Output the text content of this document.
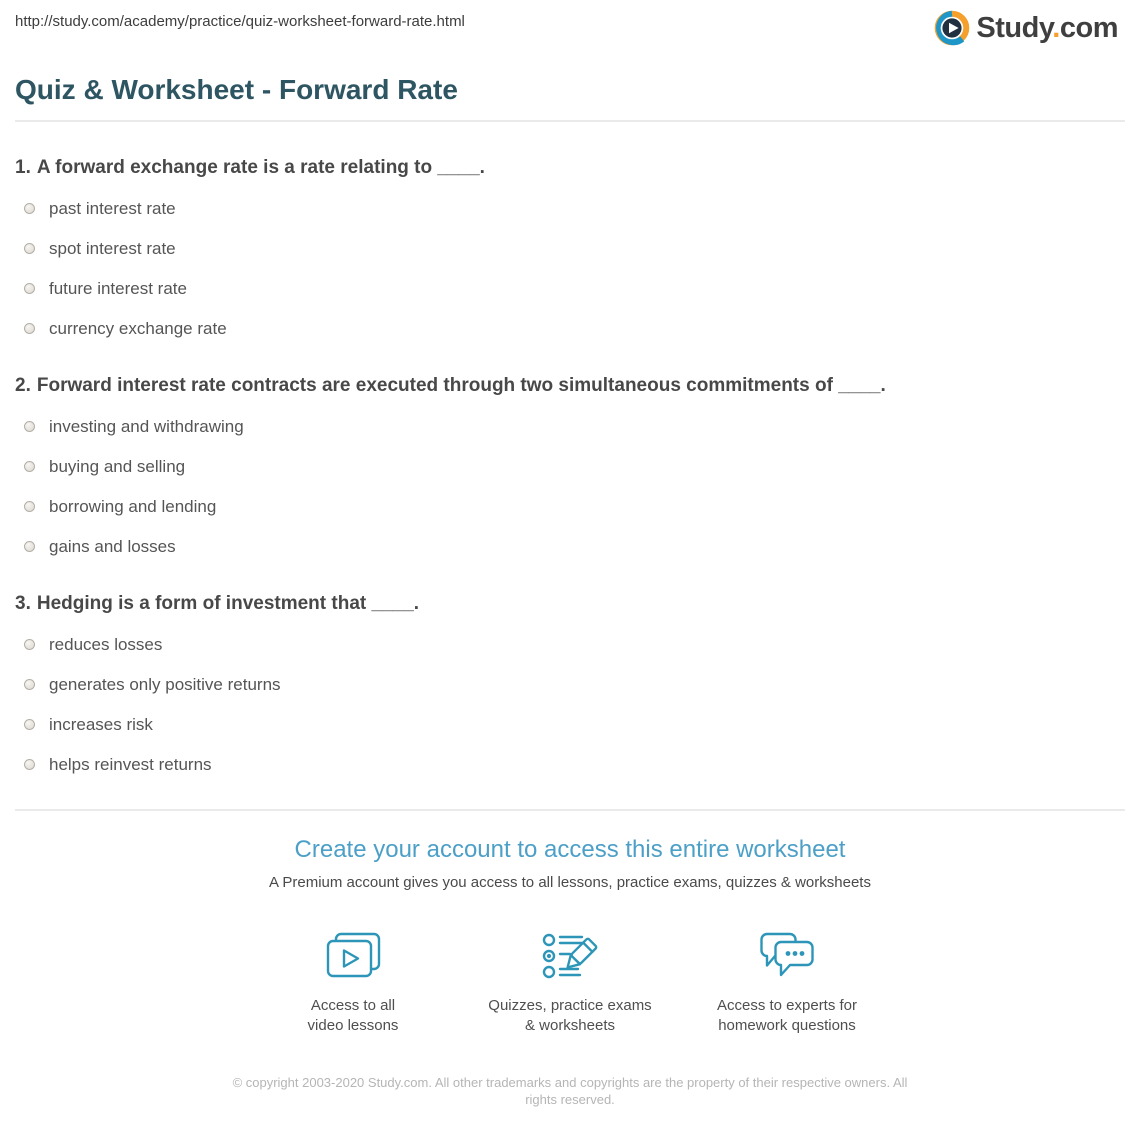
http://study.com/academy/practice/quiz-worksheet-forward-rate.html	Study.com
Quiz & Worksheet - Forward Rate
1. A forward exchange rate is a rate relating to ____.
past interest rate
spot interest rate
future interest rate
currency exchange rate
2. Forward interest rate contracts are executed through two simultaneous commitments of ____.
investing and withdrawing
buying and selling
borrowing and lending
gains and losses
3. Hedging is a form of investment that ____.
reduces losses
generates only positive returns
increases risk
helps reinvest returns
Create your account to access this entire worksheet
A Premium account gives you access to all lessons, practice exams, quizzes & worksheets
Access to all
video lessons
Quizzes, practice exams
& worksheets
Access to experts for
homework questions
© copyright 2003-2020 Study.com. All other trademarks and copyrights are the property of their respective owners. All rights reserved.
